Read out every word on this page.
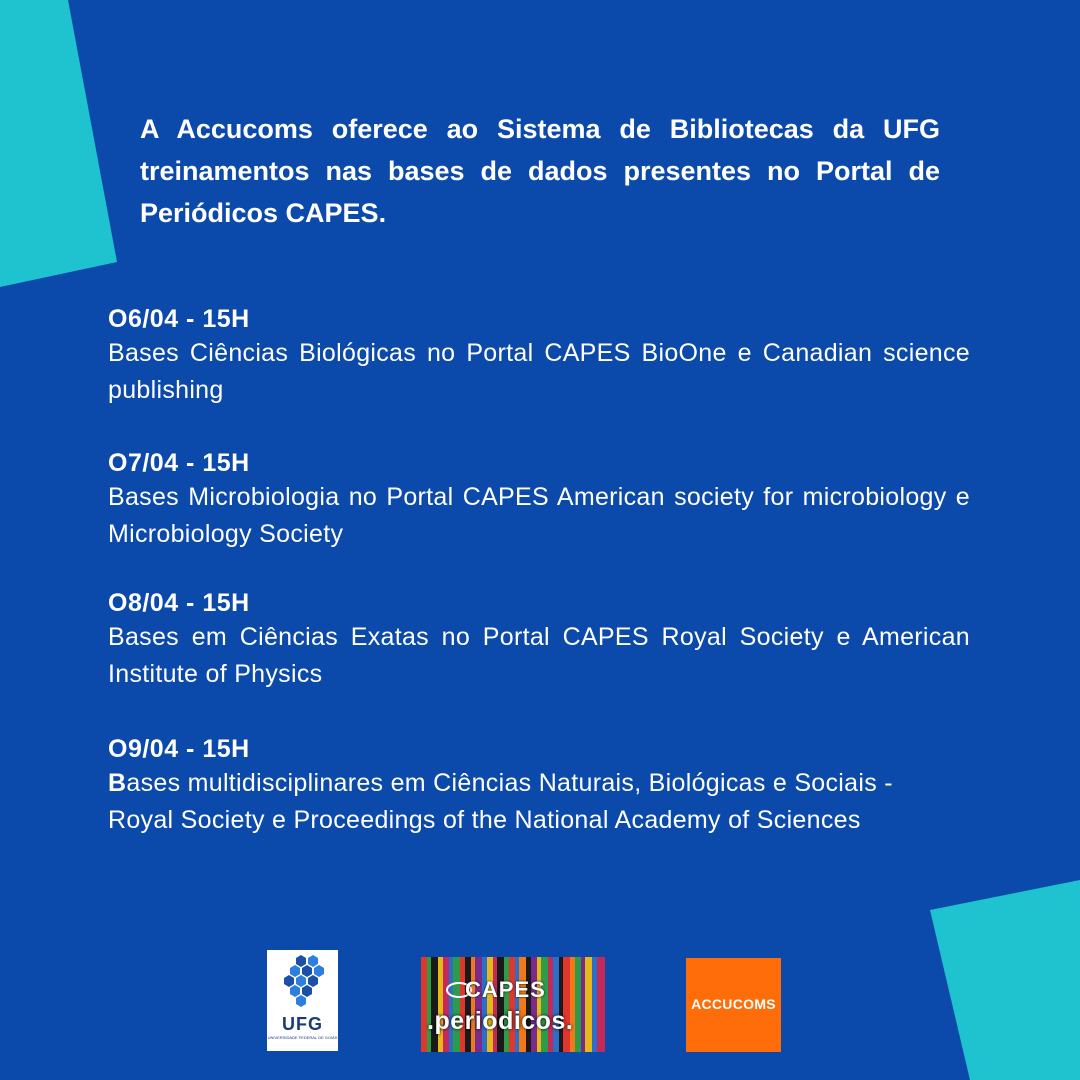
A Accucoms oferece ao Sistema de Bibliotecas da UFG treinamentos nas bases de dados presentes no Portal de Periódicos CAPES.

O6/04 - 15H
Bases Ciências Biológicas no Portal CAPES BioOne e Canadian science publishing
O7/04 - 15H
Bases Microbiologia no Portal CAPES American society for microbiology e Microbiology Society
O8/04 - 15H
Bases em Ciências Exatas no Portal CAPES Royal Society e American Institute of Physics
O9/04 - 15H
Bases multidisciplinares em Ciências Naturais, Biológicas e Sociais - Royal Society e Proceedings of the National Academy of Sciences
UFG
UNIVERSIDADE FEDERAL DE GOIÁS
CAPES
.periodicos.
ACCUCOMS
